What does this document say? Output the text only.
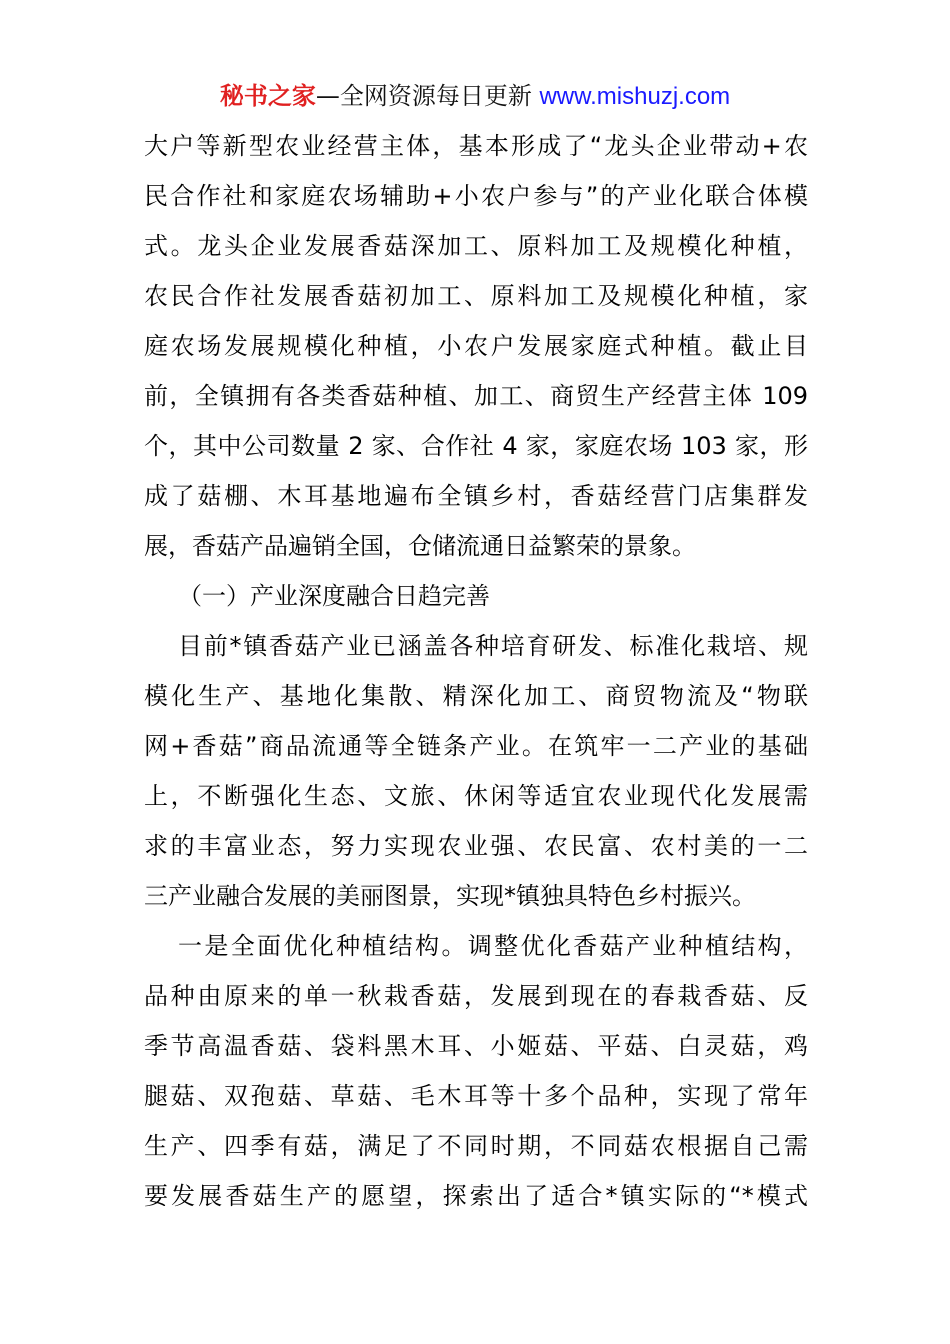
秘书之家—全网资源每日更新 www.mishuzj.com
大户等新型农业经营主体，基本形成了“龙头企业带动+农
民合作社和家庭农场辅助+小农户参与”的产业化联合体模
式。龙头企业发展香菇深加工、原料加工及规模化种植，
农民合作社发展香菇初加工、原料加工及规模化种植，家
庭农场发展规模化种植，小农户发展家庭式种植。截止目
前，全镇拥有各类香菇种植、加工、商贸生产经营主体 109
个，其中公司数量 2 家、合作社 4 家，家庭农场 103 家，形
成了菇棚、木耳基地遍布全镇乡村，香菇经营门店集群发
展，香菇产品遍销全国，仓储流通日益繁荣的景象。
（一）产业深度融合日趋完善
目前*镇香菇产业已涵盖各种培育研发、标准化栽培、规
模化生产、基地化集散、精深化加工、商贸物流及“物联
网+香菇”商品流通等全链条产业。在筑牢一二产业的基础
上，不断强化生态、文旅、休闲等适宜农业现代化发展需
求的丰富业态，努力实现农业强、农民富、农村美的一二
三产业融合发展的美丽图景，实现*镇独具特色乡村振兴。
一是全面优化种植结构。调整优化香菇产业种植结构，
品种由原来的单一秋栽香菇，发展到现在的春栽香菇、反
季节高温香菇、袋料黑木耳、小姬菇、平菇、白灵菇，鸡
腿菇、双孢菇、草菇、毛木耳等十多个品种，实现了常年
生产、四季有菇，满足了不同时期，不同菇农根据自己需
要发展香菇生产的愿望，探索出了适合*镇实际的“*模式
